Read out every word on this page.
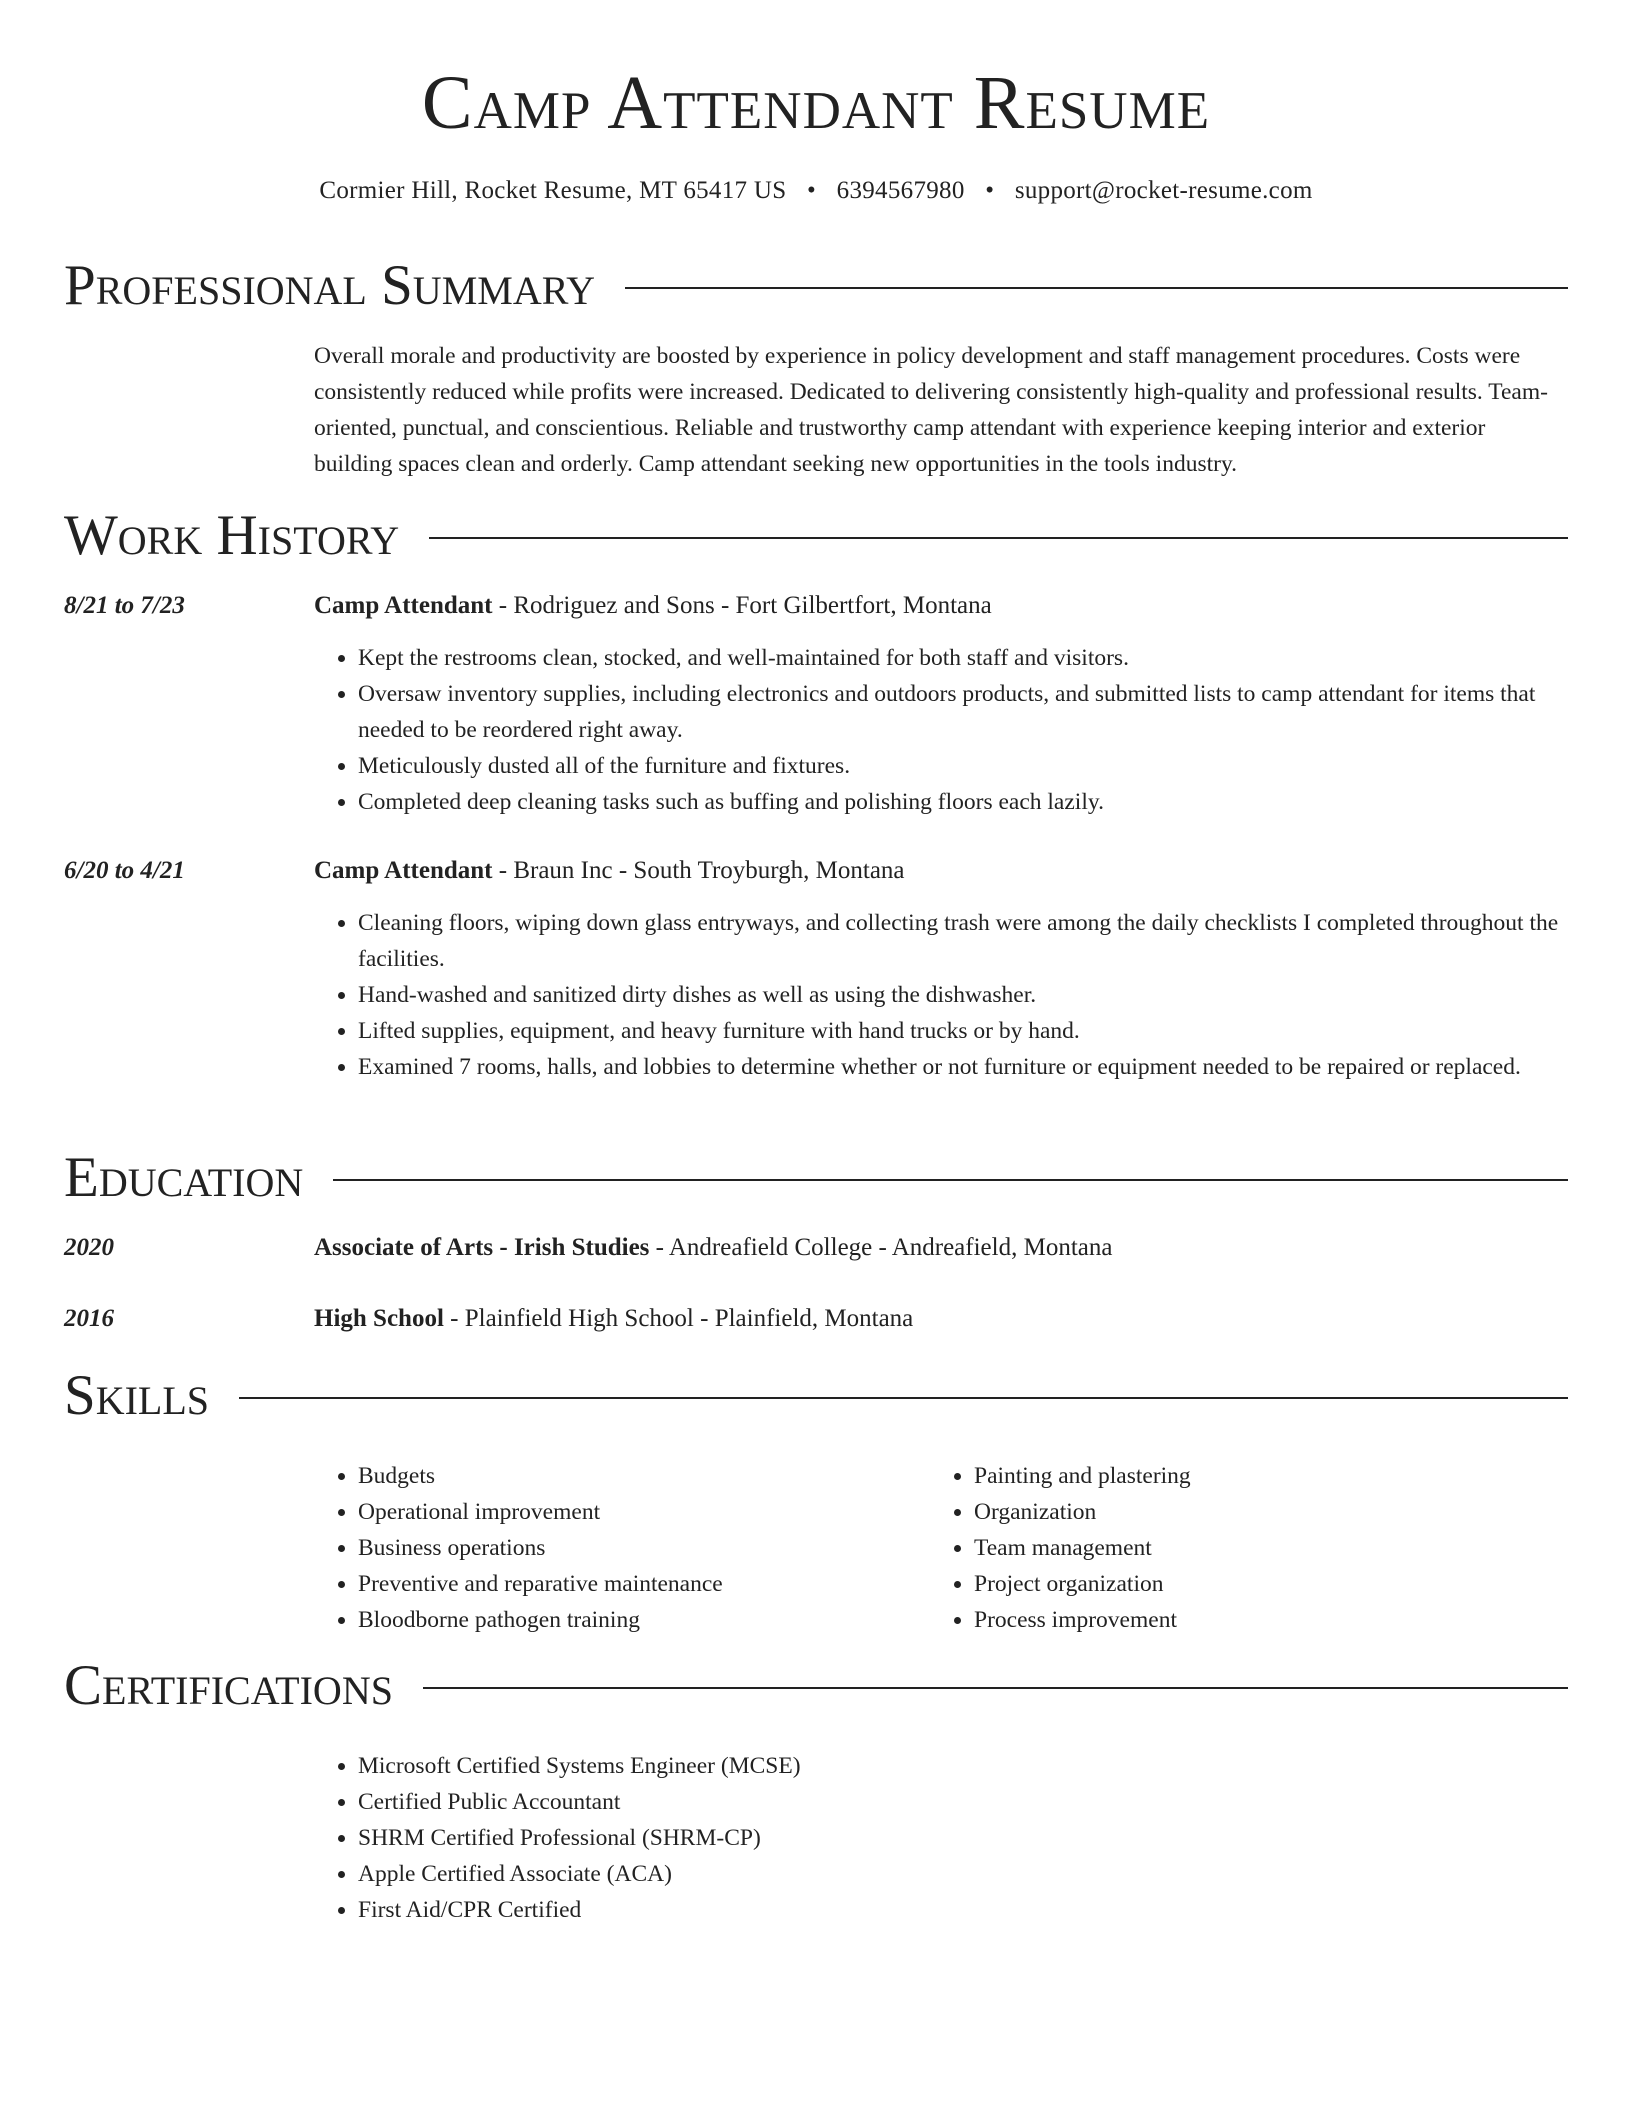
Camp Attendant Resume
Cormier Hill, Rocket Resume, MT 65417 US • 6394567980 • support@rocket-resume.com
Professional Summary

Overall morale and productivity are boosted by experience in policy development and staff management procedures. Costs were consistently reduced while profits were increased. Dedicated to delivering consistently high-quality and professional results. Team-oriented, punctual, and conscientious. Reliable and trustworthy camp attendant with experience keeping interior and exterior building spaces clean and orderly. Camp attendant seeking new opportunities in the tools industry.

Work History
8/21 to 7/23	Camp Attendant - Rodriguez and Sons - Fort Gilbertfort, Montana
• Kept the restrooms clean, stocked, and well-maintained for both staff and visitors.
• Oversaw inventory supplies, including electronics and outdoors products, and submitted lists to camp attendant for items that needed to be reordered right away.
• Meticulously dusted all of the furniture and fixtures.
• Completed deep cleaning tasks such as buffing and polishing floors each lazily.
6/20 to 4/21	Camp Attendant - Braun Inc - South Troyburgh, Montana
• Cleaning floors, wiping down glass entryways, and collecting trash were among the daily checklists I completed throughout the facilities.
• Hand-washed and sanitized dirty dishes as well as using the dishwasher.
• Lifted supplies, equipment, and heavy furniture with hand trucks or by hand.
• Examined 7 rooms, halls, and lobbies to determine whether or not furniture or equipment needed to be repaired or replaced.
Education
2020	Associate of Arts - Irish Studies - Andreafield College - Andreafield, Montana
2016	High School - Plainfield High School - Plainfield, Montana
Skills
• Budgets
• Operational improvement
• Business operations
• Preventive and reparative maintenance
• Bloodborne pathogen training
• Painting and plastering
• Organization
• Team management
• Project organization
• Process improvement
Certifications
• Microsoft Certified Systems Engineer (MCSE)
• Certified Public Accountant
• SHRM Certified Professional (SHRM-CP)
• Apple Certified Associate (ACA)
• First Aid/CPR Certified
